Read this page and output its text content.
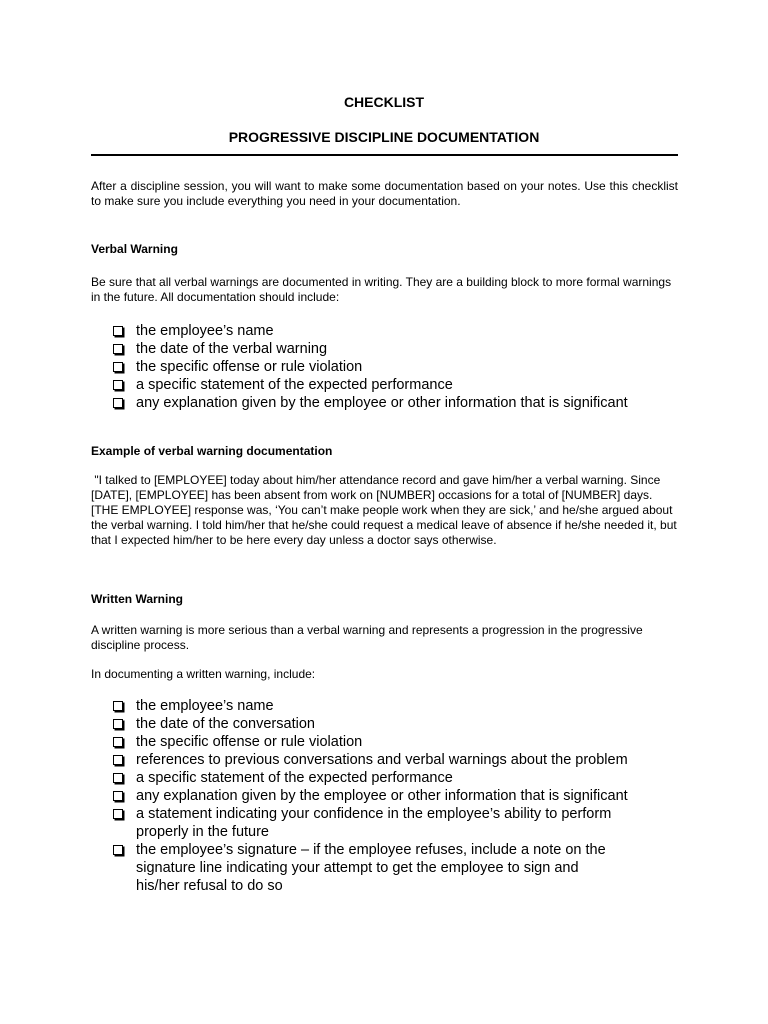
CHECKLIST
PROGRESSIVE DISCIPLINE DOCUMENTATION
After a discipline session, you will want to make some documentation based on your notes. Use this checklist to make sure you include everything you need in your documentation.
Verbal Warning
Be sure that all verbal warnings are documented in writing. They are a building block to more formal warnings in the future. All documentation should include:
the employee’s name
the date of the verbal warning
the specific offense or rule violation
a specific statement of the expected performance
any explanation given by the employee or other information that is significant
Example of verbal warning documentation
"I talked to [EMPLOYEE] today about him/her attendance record and gave him/her a verbal warning. Since [DATE], [EMPLOYEE] has been absent from work on [NUMBER] occasions for a total of [NUMBER] days. [THE EMPLOYEE] response was, ‘You can’t make people work when they are sick,’ and he/she argued about the verbal warning. I told him/her that he/she could request a medical leave of absence if he/she needed it, but that I expected him/her to be here every day unless a doctor says otherwise.
Written Warning
A written warning is more serious than a verbal warning and represents a progression in the progressive discipline process.
In documenting a written warning, include:
the employee’s name
the date of the conversation
the specific offense or rule violation
references to previous conversations and verbal warnings about the problem
a specific statement of the expected performance
any explanation given by the employee or other information that is significant
a statement indicating your confidence in the employee’s ability to perform properly in the future
the employee’s signature – if the employee refuses, include a note on the signature line indicating your attempt to get the employee to sign and his/her refusal to do so
